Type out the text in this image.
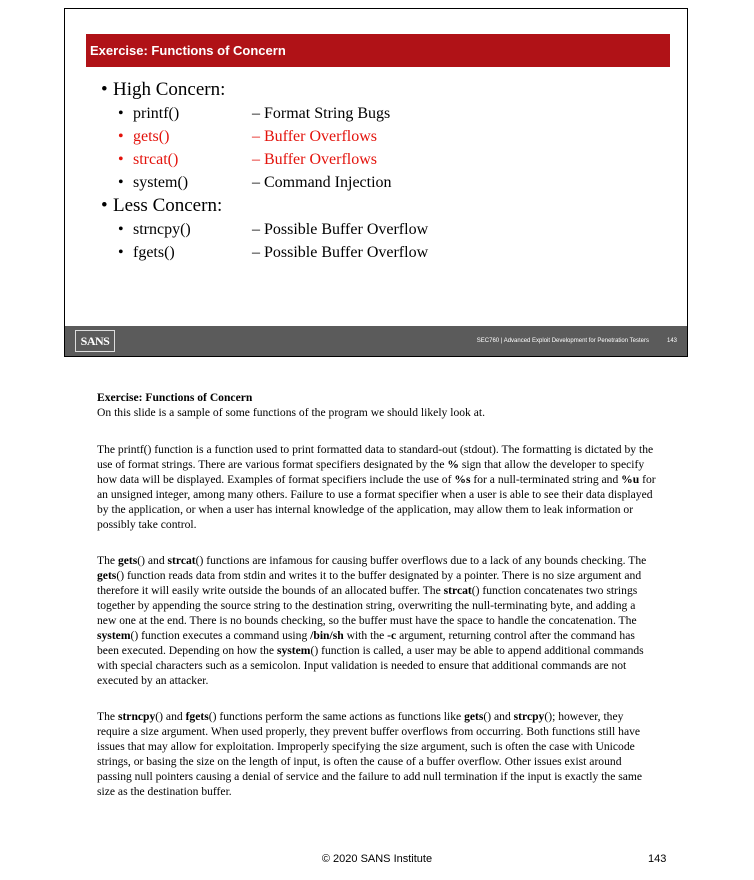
Exercise: Functions of Concern
• High Concern:
• printf()	– Format String Bugs
• gets()	– Buffer Overflows
• strcat()	– Buffer Overflows
• system()	– Command Injection
• Less Concern:
• strncpy()	– Possible Buffer Overflow
• fgets()	– Possible Buffer Overflow
SANS	SEC760 | Advanced Exploit Development for Penetration Testers	143
Exercise: Functions of Concern

On this slide is a sample of some functions of the program we should likely look at.

The printf() function is a function used to print formatted data to standard-out (stdout). The formatting is dictated by the use of format strings. There are various format specifiers designated by the % sign that allow the developer to specify how data will be displayed. Examples of format specifiers include the use of %s for a null-terminated string and %u for an unsigned integer, among many others. Failure to use a format specifier when a user is able to see their data displayed by the application, or when a user has internal knowledge of the application, may allow them to leak information or possibly take control.

The gets() and strcat() functions are infamous for causing buffer overflows due to a lack of any bounds checking. The gets() function reads data from stdin and writes it to the buffer designated by a pointer. There is no size argument and therefore it will easily write outside the bounds of an allocated buffer. The strcat() function concatenates two strings together by appending the source string to the destination string, overwriting the null-terminating byte, and adding a new one at the end. There is no bounds checking, so the buffer must have the space to handle the concatenation. The system() function executes a command using /bin/sh with the -c argument, returning control after the command has been executed. Depending on how the system() function is called, a user may be able to append additional commands with special characters such as a semicolon. Input validation is needed to ensure that additional commands are not executed by an attacker.

The strncpy() and fgets() functions perform the same actions as functions like gets() and strcpy(); however, they require a size argument. When used properly, they prevent buffer overflows from occurring. Both functions still have issues that may allow for exploitation. Improperly specifying the size argument, such is often the case with Unicode strings, or basing the size on the length of input, is often the cause of a buffer overflow. Other issues exist around passing null pointers causing a denial of service and the failure to add null termination if the input is exactly the same size as the destination buffer.

© 2020 SANS Institute	143
